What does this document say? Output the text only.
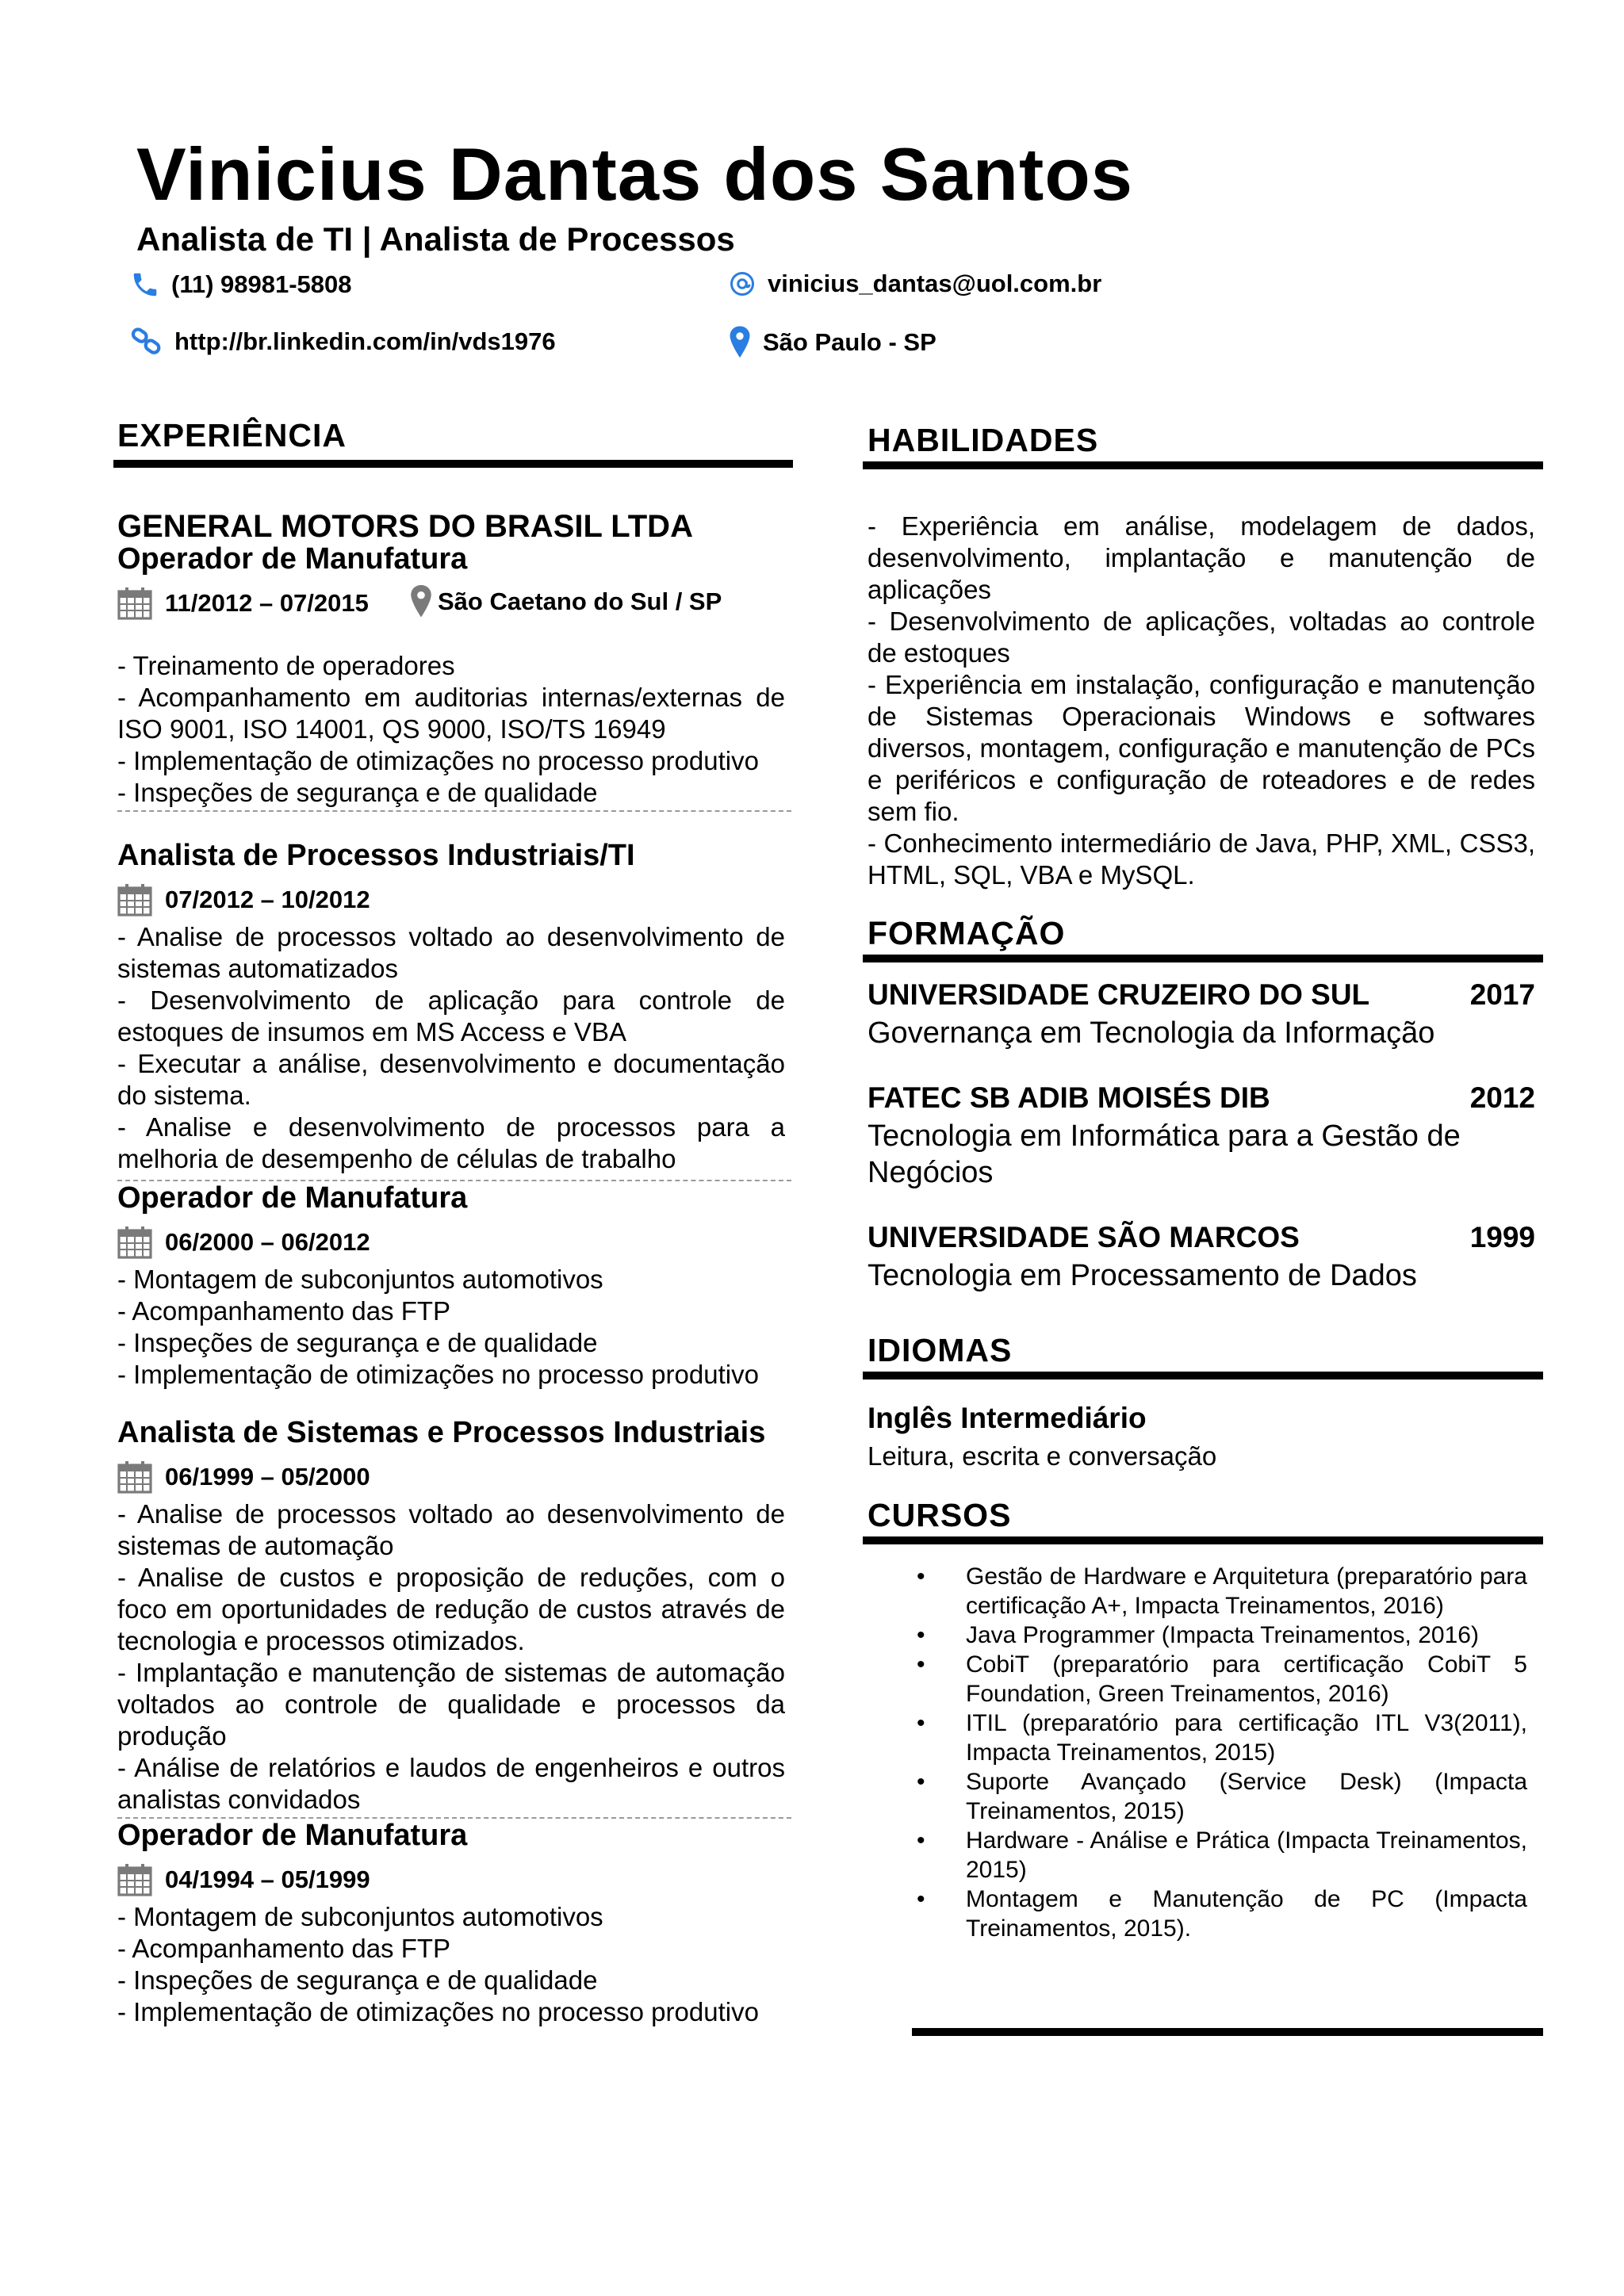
Vinicius Dantas dos Santos
Analista de TI | Analista de Processos
(11) 98981-5808	vinicius_dantas@uol.com.br
http://br.linkedin.com/in/vds1976	São Paulo - SP
EXPERIÊNCIA
GENERAL MOTORS DO BRASIL LTDA
Operador de Manufatura
11/2012 – 07/2015	São Caetano do Sul / SP
- Treinamento de operadores
- Acompanhamento em auditorias internas/externas de ISO 9001, ISO 14001, QS 9000, ISO/TS 16949
- Implementação de otimizações no processo produtivo
- Inspeções de segurança e de qualidade
Analista de Processos Industriais/TI
07/2012 – 10/2012
- Analise de processos voltado ao desenvolvimento de sistemas automatizados
- Desenvolvimento de aplicação para controle de estoques de insumos em MS Access e VBA
- Executar a análise, desenvolvimento e documentação do sistema.
- Analise e desenvolvimento de processos para a melhoria de desempenho de células de trabalho
Operador de Manufatura
06/2000 – 06/2012
- Montagem de subconjuntos automotivos
- Acompanhamento das FTP
- Inspeções de segurança e de qualidade
- Implementação de otimizações no processo produtivo
Analista de Sistemas e Processos Industriais
06/1999 – 05/2000
- Analise de processos voltado ao desenvolvimento de sistemas de automação
- Analise de custos e proposição de reduções, com o foco em oportunidades de redução de custos através de tecnologia e processos otimizados.
- Implantação e manutenção de sistemas de automação voltados ao controle de qualidade e processos da produção
- Análise de relatórios e laudos de engenheiros e outros analistas convidados
Operador de Manufatura
04/1994 – 05/1999
- Montagem de subconjuntos automotivos
- Acompanhamento das FTP
- Inspeções de segurança e de qualidade
- Implementação de otimizações no processo produtivo
HABILIDADES
- Experiência em análise, modelagem de dados, desenvolvimento, implantação e manutenção de aplicações
- Desenvolvimento de aplicações, voltadas ao controle de estoques
- Experiência em instalação, configuração e manutenção de Sistemas Operacionais Windows e softwares diversos, montagem, configuração e manutenção de PCs e periféricos e configuração de roteadores e de redes sem fio.
- Conhecimento intermediário de Java, PHP, XML, CSS3, HTML, SQL, VBA e MySQL.
FORMAÇÃO
UNIVERSIDADE CRUZEIRO DO SUL	2017
Governança em Tecnologia da Informação
FATEC SB ADIB MOISÉS DIB	2012
Tecnologia em Informática para a Gestão de Negócios
UNIVERSIDADE SÃO MARCOS	1999
Tecnologia em Processamento de Dados
IDIOMAS
Inglês Intermediário
Leitura, escrita e conversação
CURSOS
• Gestão de Hardware e Arquitetura (preparatório para certificação A+, Impacta Treinamentos, 2016)
• Java Programmer (Impacta Treinamentos, 2016)
• CobiT (preparatório para certificação CobiT 5 Foundation, Green Treinamentos, 2016)
• ITIL (preparatório para certificação ITL V3(2011), Impacta Treinamentos, 2015)
• Suporte Avançado (Service Desk) (Impacta Treinamentos, 2015)
• Hardware - Análise e Prática (Impacta Treinamentos, 2015)
• Montagem e Manutenção de PC (Impacta Treinamentos, 2015).
